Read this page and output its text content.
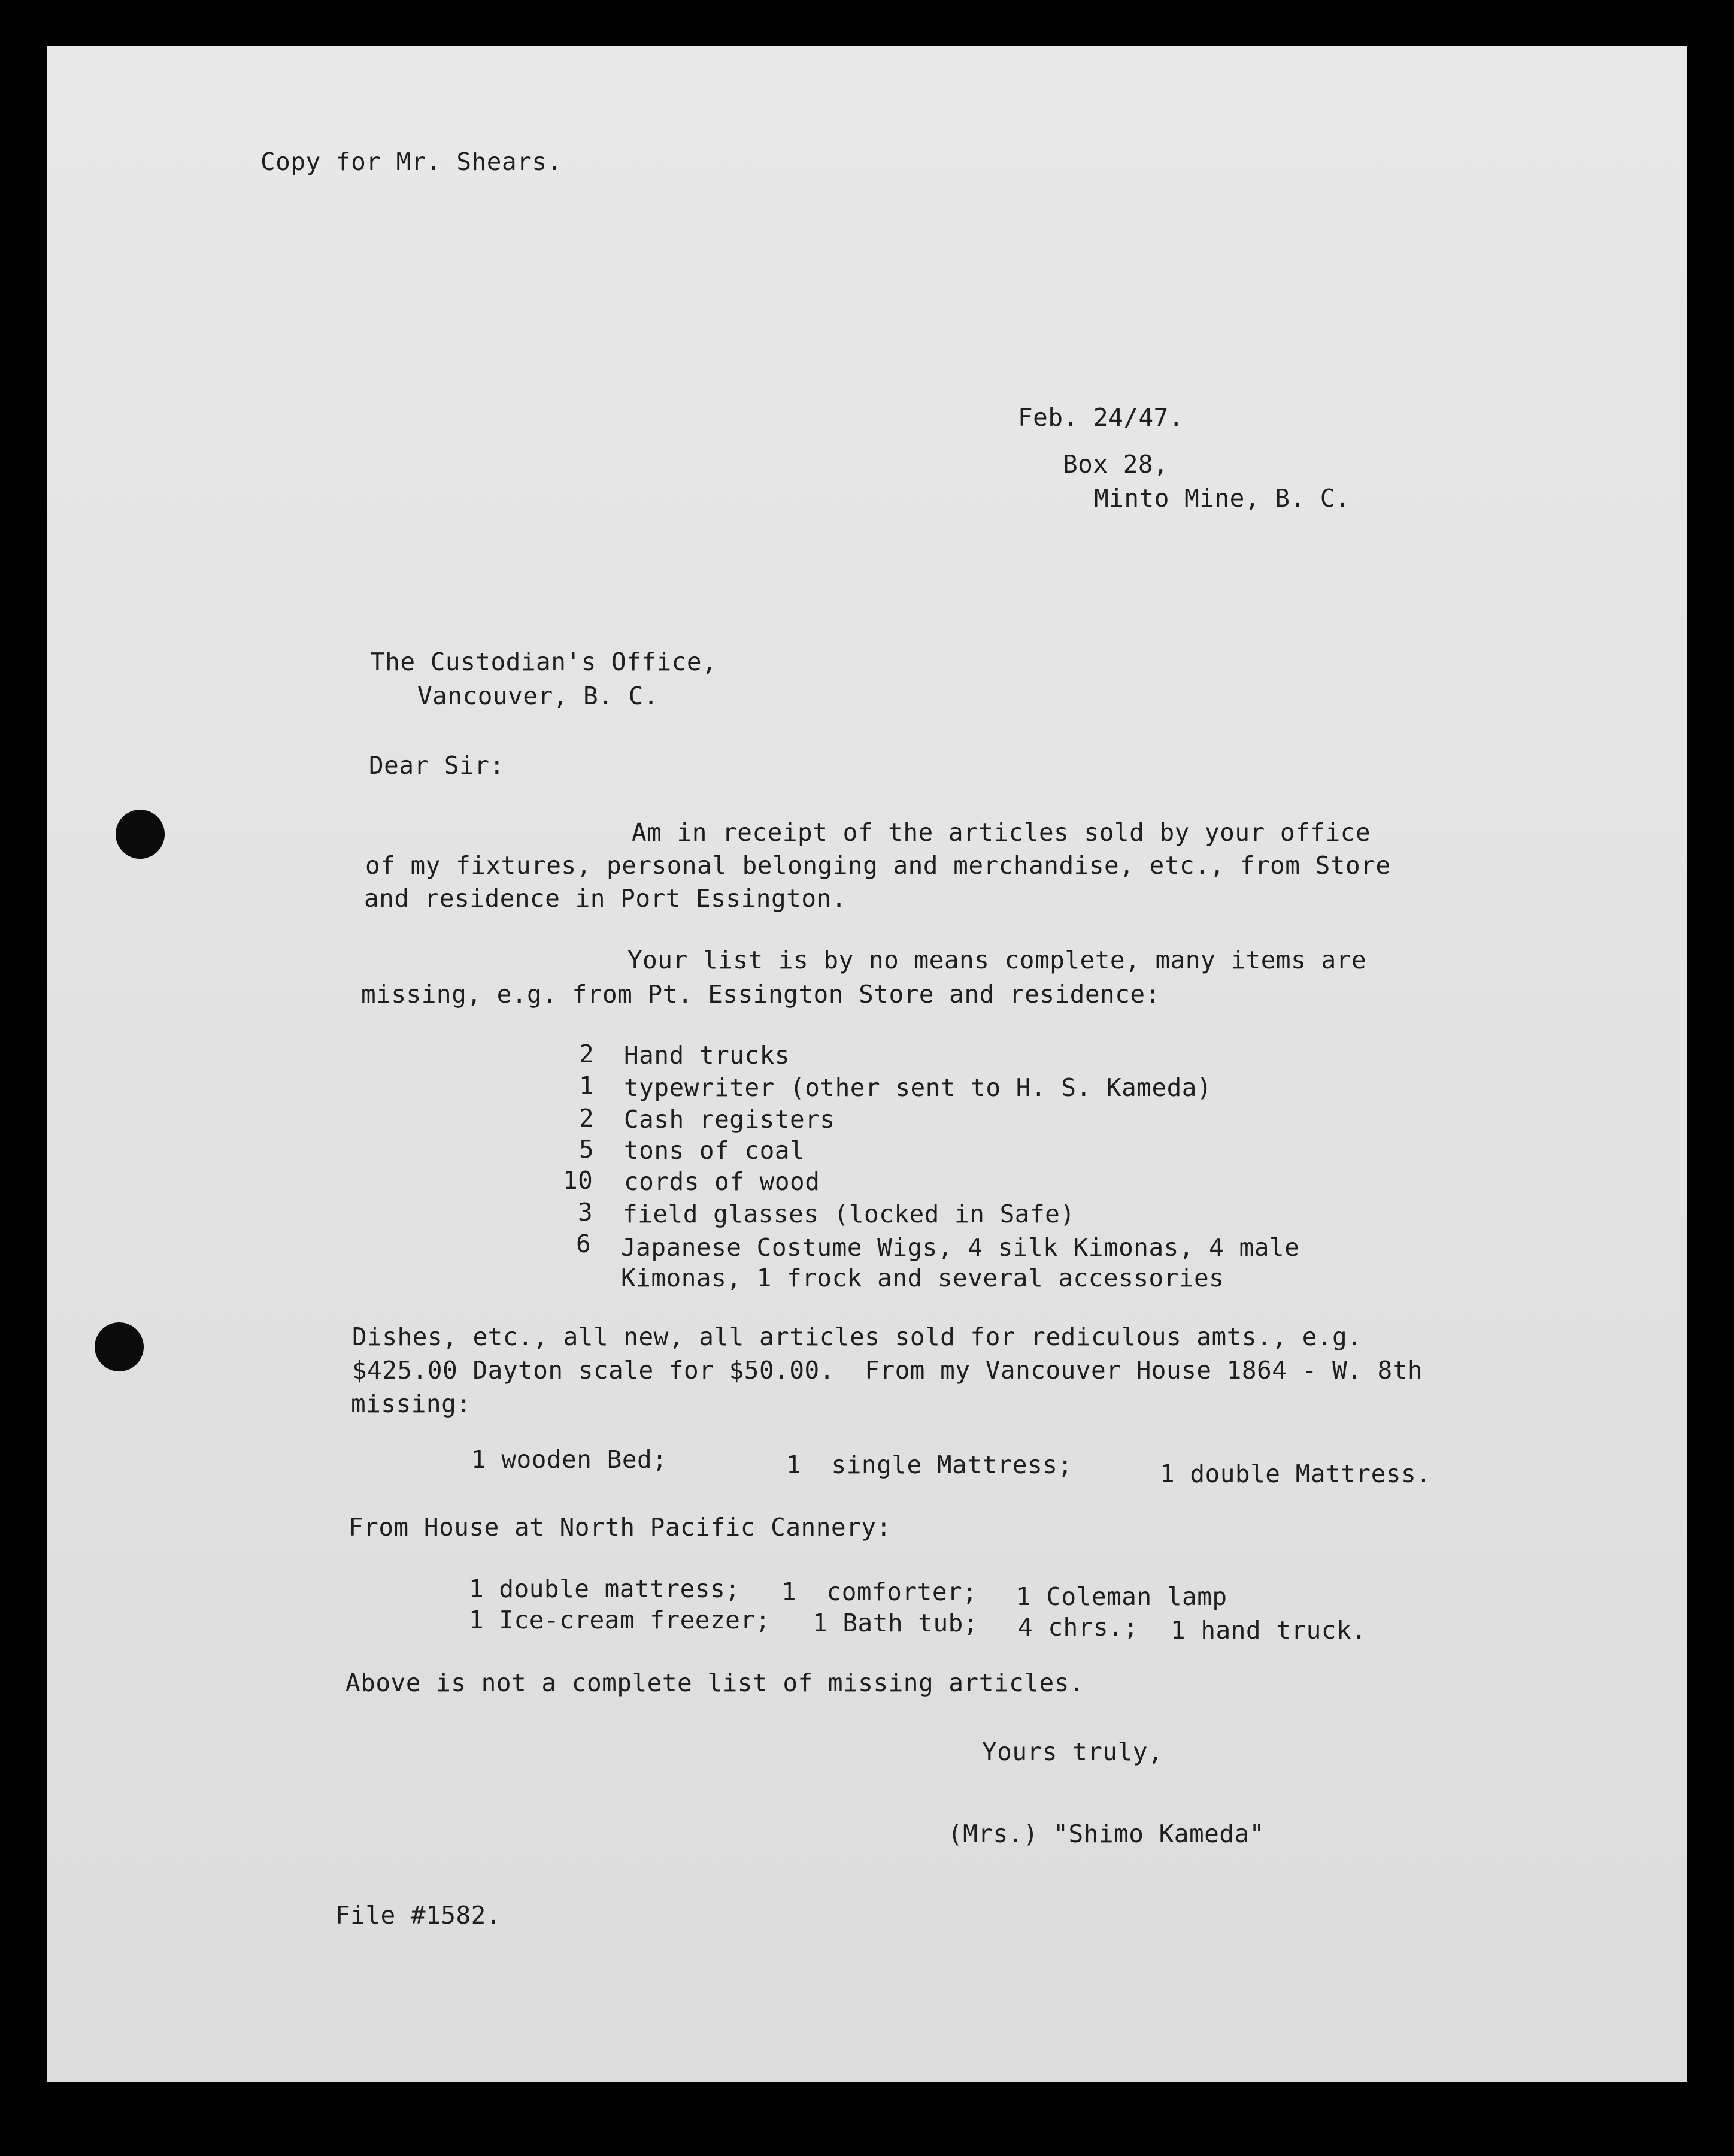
Copy for Mr. Shears.
Feb. 24/47.
Box 28,
Minto Mine, B. C.
The Custodian's Office,
Vancouver, B. C.
Dear Sir:
Am in receipt of the articles sold by your office
of my fixtures, personal belonging and merchandise, etc., from Store
and residence in Port Essington.
Your list is by no means complete, many items are
missing, e.g. from Pt. Essington Store and residence:
2 Hand trucks
1 typewriter (other sent to H. S. Kameda)
2 Cash registers
5 tons of coal
10 cords of wood
3 field glasses (locked in Safe)
6 Japanese Costume Wigs, 4 silk Kimonas, 4 male
Kimonas, 1 frock and several accessories
Dishes, etc., all new, all articles sold for rediculous amts., e.g.
$425.00 Dayton scale for $50.00.  From my Vancouver House 1864 - W. 8th
missing:
1 wooden Bed;	1  single Mattress;	1 double Mattress.
From House at North Pacific Cannery:
1 double mattress; 1  comforter; 1 Coleman lamp
1 Ice-cream freezer; 1 Bath tub; 4 chrs.; 1 hand truck.
Above is not a complete list of missing articles.
Yours truly,
(Mrs.) "Shimo Kameda"
File #1582.
